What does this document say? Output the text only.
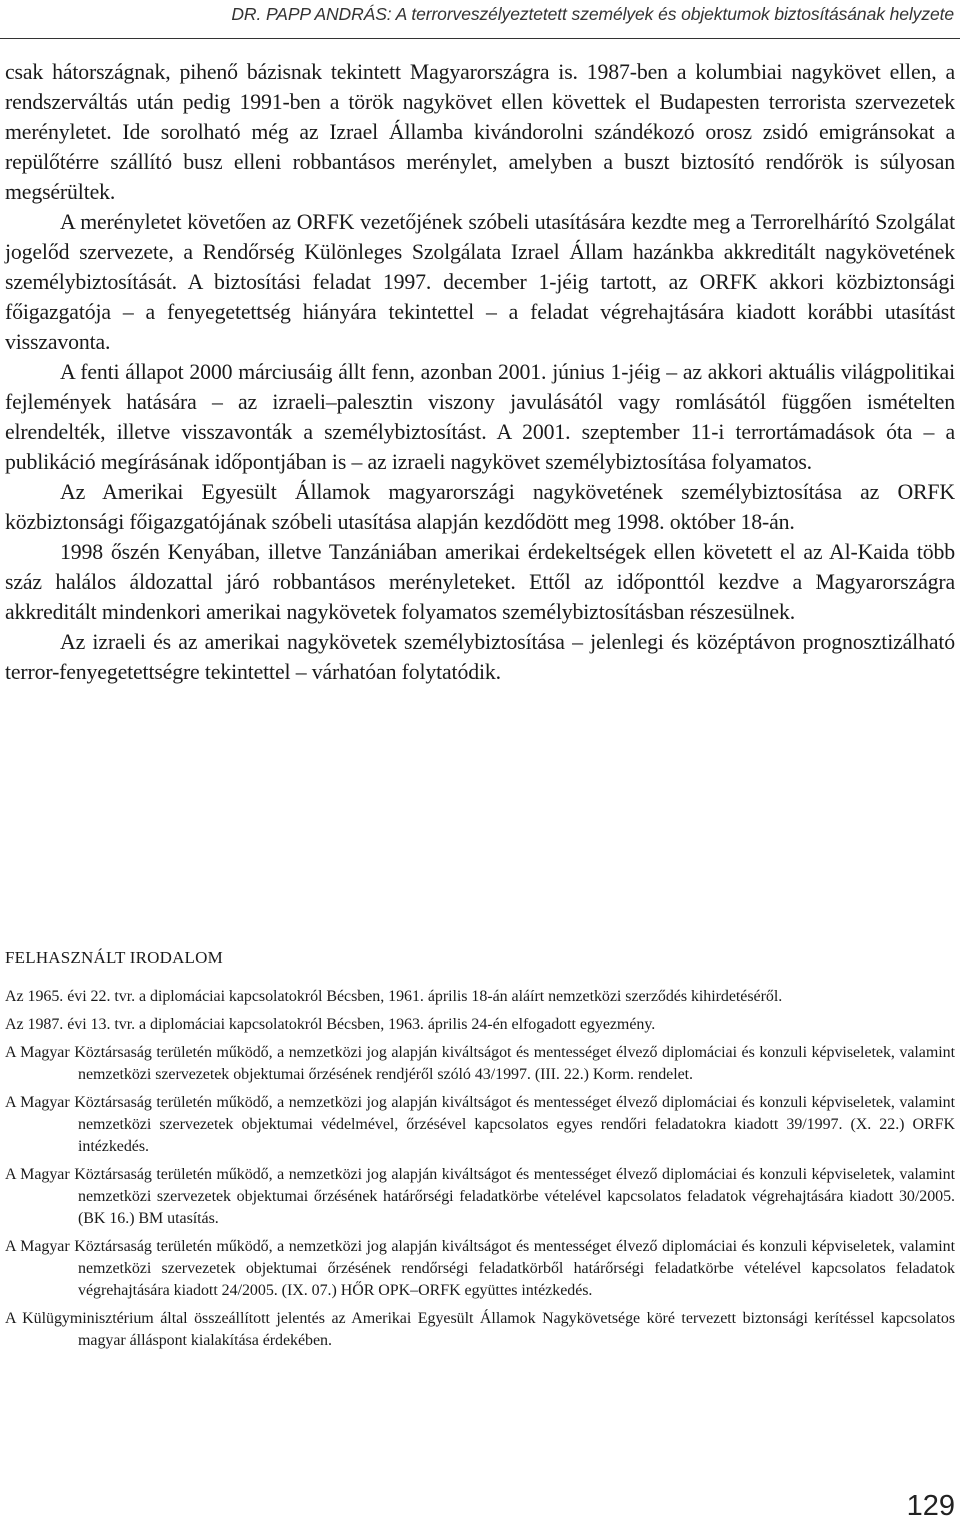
DR. PAPP ANDRÁS: A terrorveszélyeztetett személyek és objektumok biztosításának helyzete

csak hátországnak, pihenő bázisnak tekintett Magyarországra is. 1987-ben a kolumbiai nagykövet ellen, a rendszerváltás után pedig 1991-ben a török nagykövet ellen követtek el Budapesten terrorista szervezetek merényletet. Ide sorolható még az Izrael Államba kivándorolni szándékozó orosz zsidó emigránsokat a repülőtérre szállító busz elleni robbantásos merénylet, amelyben a buszt biztosító rendőrök is súlyosan megsérültek.

A merényletet követően az ORFK vezetőjének szóbeli utasítására kezdte meg a Terrorelhárító Szolgálat jogelőd szervezete, a Rendőrség Különleges Szolgálata Izrael Állam hazánkba akkreditált nagykövetének személybiztosítását. A biztosítási feladat 1997. december 1-jéig tartott, az ORFK akkori közbiztonsági főigazgatója – a fenyegetettség hiányára tekintettel – a feladat végrehajtására kiadott korábbi utasítást visszavonta.

A fenti állapot 2000 márciusáig állt fenn, azonban 2001. június 1-jéig – az akkori aktuális világpolitikai fejlemények hatására – az izraeli–palesztin viszony javulásától vagy romlásától függően ismételten elrendelték, illetve visszavonták a személybiztosítást. A 2001. szeptember 11-i terrortámadások óta – a publikáció megírásának időpontjában is – az izraeli nagykövet személybiztosítása folyamatos.

Az Amerikai Egyesült Államok magyarországi nagykövetének személybiztosítása az ORFK közbiztonsági főigazgatójának szóbeli utasítása alapján kezdődött meg 1998. október 18-án.

1998 őszén Kenyában, illetve Tanzániában amerikai érdekeltségek ellen követett el az Al-Kaida több száz halálos áldozattal járó robbantásos merényleteket. Ettől az időponttól kezdve a Magyarországra akkreditált mindenkori amerikai nagykövetek folyamatos személybiztosításban részesülnek.

Az izraeli és az amerikai nagykövetek személybiztosítása – jelenlegi és középtávon prognosztizálható terror-fenyegetettségre tekintettel – várhatóan folytatódik.

FELHASZNÁLT IRODALOM

Az 1965. évi 22. tvr. a diplomáciai kapcsolatokról Bécsben, 1961. április 18-án aláírt nemzetközi szerződés kihirdetéséről.

Az 1987. évi 13. tvr. a diplomáciai kapcsolatokról Bécsben, 1963. április 24-én elfogadott egyezmény.

A Magyar Köztársaság területén működő, a nemzetközi jog alapján kiváltságot és mentességet élvező diplomáciai és konzuli képviseletek, valamint nemzetközi szervezetek objektumai őrzésének rendjéről szóló 43/1997. (III. 22.) Korm. rendelet.

A Magyar Köztársaság területén működő, a nemzetközi jog alapján kiváltságot és mentességet élvező diplomáciai és konzuli képviseletek, valamint nemzetközi szervezetek objektumai védelmével, őrzésével kapcsolatos egyes rendőri feladatokra kiadott 39/1997. (X. 22.) ORFK intézkedés.

A Magyar Köztársaság területén működő, a nemzetközi jog alapján kiváltságot és mentességet élvező diplomáciai és konzuli képviseletek, valamint nemzetközi szervezetek objektumai őrzésének határőrségi feladatkörbe vételével kapcsolatos feladatok végrehajtására kiadott 30/2005. (BK 16.) BM utasítás.

A Magyar Köztársaság területén működő, a nemzetközi jog alapján kiváltságot és mentességet élvező diplomáciai és konzuli képviseletek, valamint nemzetközi szervezetek objektumai őrzésének rendőrségi feladatkörből határőrségi feladatkörbe vételével kapcsolatos feladatok végrehajtására kiadott 24/2005. (IX. 07.) HŐR OPK–ORFK együttes intézkedés.

A Külügyminisztérium által összeállított jelentés az Amerikai Egyesült Államok Nagykövetsége köré tervezett biztonsági kerítéssel kapcsolatos magyar álláspont kialakítása érdekében.

129
